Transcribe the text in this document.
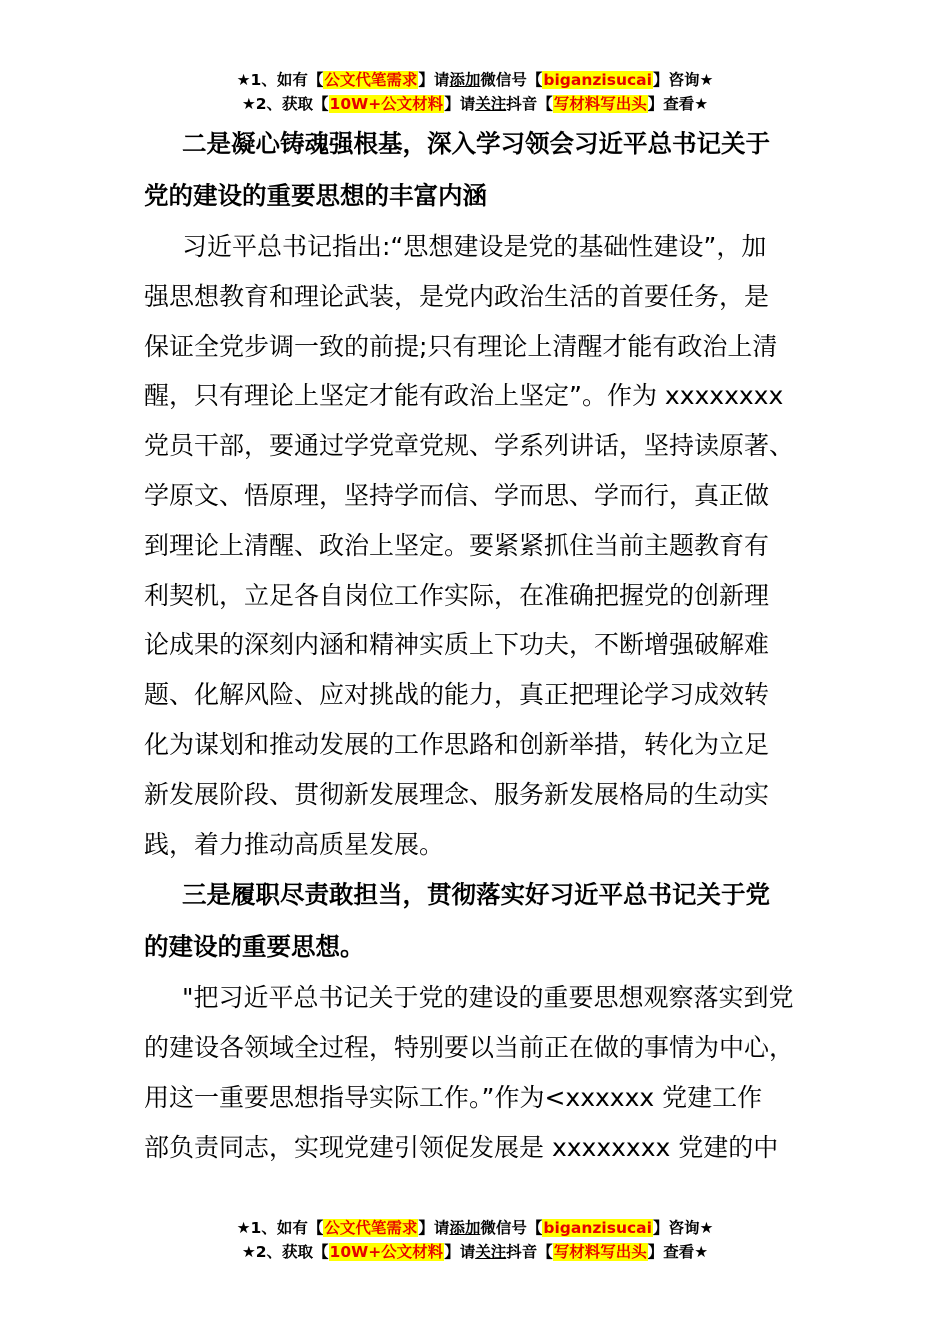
★1、如有【公文代笔需求】请添加微信号【biganzisucai】咨询★
★2、获取【10W+公文材料】请关注抖音【写材料写出头】查看★

二是凝心铸魂强根基，深入学习领会习近平总书记关于
党的建设的重要思想的丰富内涵

习近平总书记指出:“思想建设是党的基础性建设”，加
强思想教育和理论武装，是党内政治生活的首要任务，是
保证全党步调一致的前提;只有理论上清醒才能有政治上清
醒，只有理论上坚定才能有政治上坚定”。作为 xxxxxxxx
党员干部，要通过学党章党规、学系列讲话，坚持读原著、
学原文、悟原理，坚持学而信、学而思、学而行，真正做
到理论上清醒、政治上坚定。要紧紧抓住当前主题教育有
利契机，立足各自岗位工作实际，在准确把握党的创新理
论成果的深刻内涵和精神实质上下功夫，不断增强破解难
题、化解风险、应对挑战的能力，真正把理论学习成效转
化为谋划和推动发展的工作思路和创新举措，转化为立足
新发展阶段、贯彻新发展理念、服务新发展格局的生动实
践，着力推动高质星发展。

三是履职尽责敢担当，贯彻落实好习近平总书记关于党
的建设的重要思想。

"把习近平总书记关于党的建设的重要思想观察落实到党
的建设各领域全过程，特别要以当前正在做的事情为中心，
用这一重要思想指导实际工作。”作为<xxxxxx 党建工作
部负责同志，实现党建引领促发展是 xxxxxxxx 党建的中

★1、如有【公文代笔需求】请添加微信号【biganzisucai】咨询★
★2、获取【10W+公文材料】请关注抖音【写材料写出头】查看★
